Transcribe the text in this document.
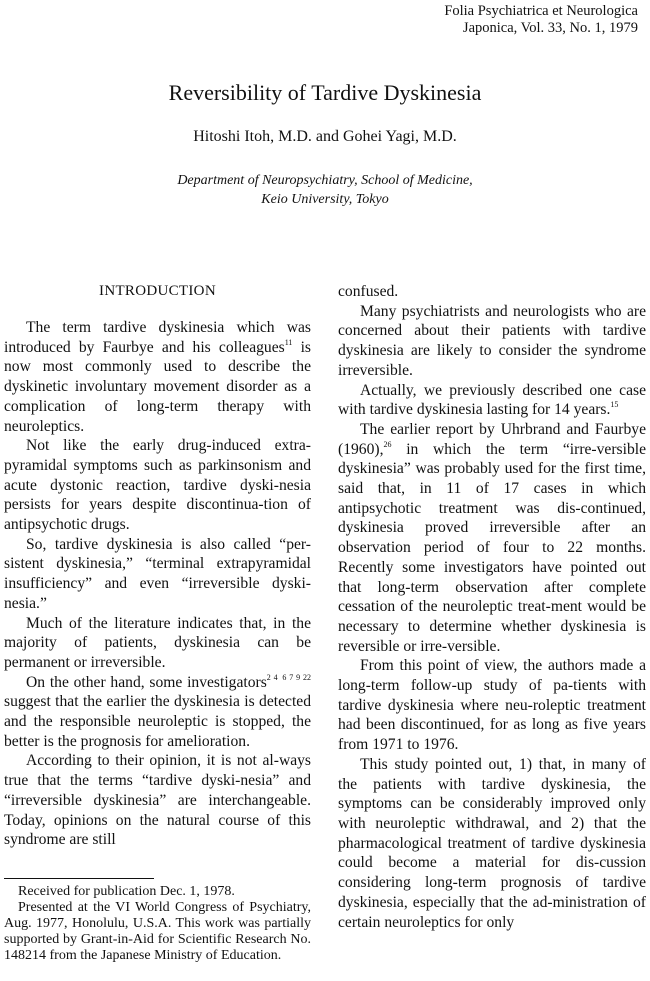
Folia Psychiatrica et Neurologica
Japonica, Vol. 33, No. 1, 1979
Reversibility of Tardive Dyskinesia
Hitoshi Itoh, M.D. and Gohei Yagi, M.D.
Department of Neuropsychiatry, School of Medicine,
Keio University, Tokyo
INTRODUCTION

The term tardive dyskinesia which was introduced by Faurbye and his colleagues$^{11}$ is now most commonly used to describe the dyskinetic involuntary movement disorder as a complication of long-term therapy with neuroleptics.

Not like the early drug-induced extra-pyramidal symptoms such as parkinsonism and acute dystonic reaction, tardive dyski-nesia persists for years despite discontinua-tion of antipsychotic drugs.

So, tardive dyskinesia is also called “per-sistent dyskinesia,” “terminal extrapyramidal insufficiency” and even “irreversible dyski-nesia.”

Much of the literature indicates that, in the majority of patients, dyskinesia can be permanent or irreversible.

On the other hand, some investigators$^{2 4}$ $^{6 7 9 22}$ suggest that the earlier the dyskinesia is detected and the responsible neuroleptic is stopped, the better is the prognosis for amelioration.

According to their opinion, it is not al-ways true that the terms “tardive dyski-nesia” and “irreversible dyskinesia” are interchangeable. Today, opinions on the natural course of this syndrome are still

Received for publication Dec. 1, 1978.

Presented at the VI World Congress of Psychiatry, Aug. 1977, Honolulu, U.S.A. This work was partially supported by Grant-in-Aid for Scientific Research No. 148214 from the Japanese Ministry of Education.

confused.

Many psychiatrists and neurologists who are concerned about their patients with tardive dyskinesia are likely to consider the syndrome irreversible.

Actually, we previously described one case with tardive dyskinesia lasting for 14 years.$^{15}$

The earlier report by Uhrbrand and Faurbye (1960),$^{26}$ in which the term “irre-versible dyskinesia” was probably used for the first time, said that, in 11 of 17 cases in which antipsychotic treatment was dis-continued, dyskinesia proved irreversible after an observation period of four to 22 months. Recently some investigators have pointed out that long-term observation after complete cessation of the neuroleptic treat-ment would be necessary to determine whether dyskinesia is reversible or irre-versible.

From this point of view, the authors made a long-term follow-up study of pa-tients with tardive dyskinesia where neu-roleptic treatment had been discontinued, for as long as five years from 1971 to 1976.

This study pointed out, 1) that, in many of the patients with tardive dyskinesia, the symptoms can be considerably improved only with neuroleptic withdrawal, and 2) that the pharmacological treatment of tardive dyskinesia could become a material for dis-cussion considering long-term prognosis of tardive dyskinesia, especially that the ad-ministration of certain neuroleptics for only
